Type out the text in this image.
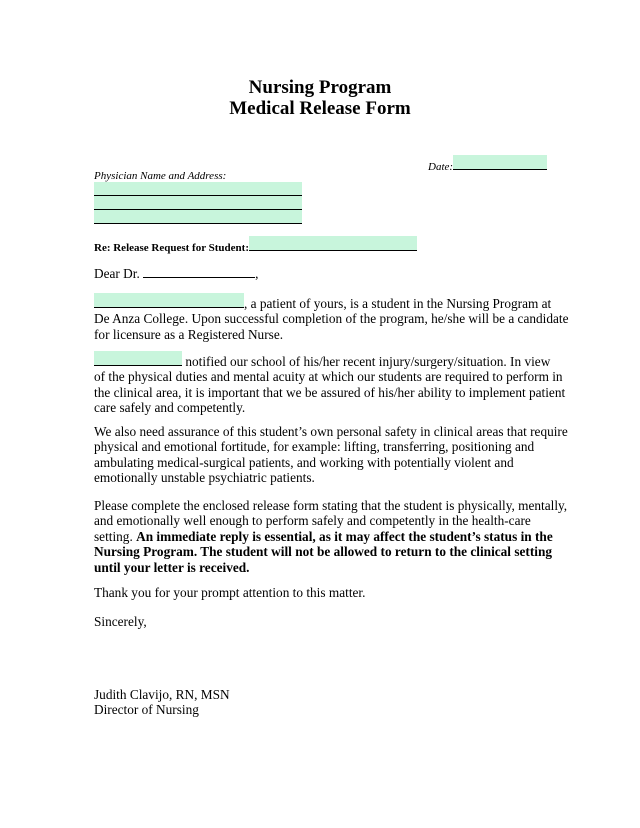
Nursing Program
Medical Release Form
Date:
Physician Name and Address:
Re: Release Request for Student:
Dear Dr.	,
, a patient of yours, is a student in the Nursing Program at
De Anza College. Upon successful completion of the program, he/she will be a candidate
for licensure as a Registered Nurse.
notified our school of his/her recent injury/surgery/situation. In view
of the physical duties and mental acuity at which our students are required to perform in
the clinical area, it is important that we be assured of his/her ability to implement patient
care safely and competently.
We also need assurance of this student’s own personal safety in clinical areas that require
physical and emotional fortitude, for example: lifting, transferring, positioning and
ambulating medical-surgical patients, and working with potentially violent and
emotionally unstable psychiatric patients.
Please complete the enclosed release form stating that the student is physically, mentally,
and emotionally well enough to perform safely and competently in the health-care
setting. An immediate reply is essential, as it may affect the student’s status in the
Nursing Program. The student will not be allowed to return to the clinical setting
until your letter is received.
Thank you for your prompt attention to this matter.
Sincerely,
Judith Clavijo, RN, MSN
Director of Nursing
